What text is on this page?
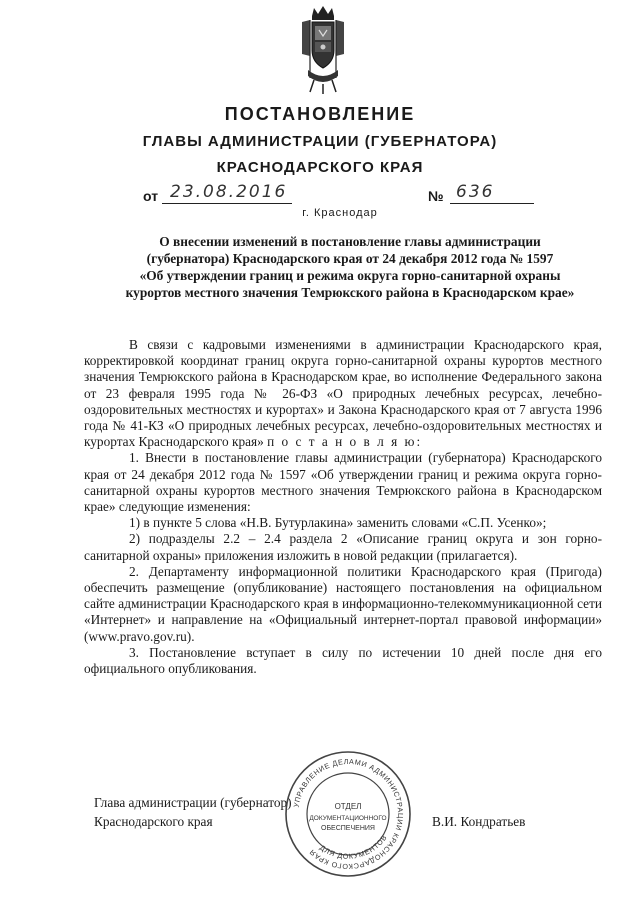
ПОСТАНОВЛЕНИЕ
ГЛАВЫ АДМИНИСТРАЦИИ (ГУБЕРНАТОРА)
КРАСНОДАРСКОГО КРАЯ
от 23.08.2016	№ 636
г. Краснодар
О внесении изменений в постановление главы администрации
(губернатора) Краснодарского края от 24 декабря 2012 года № 1597
«Об утверждении границ и режима округа горно-санитарной охраны
курортов местного значения Темрюкского района в Краснодарском крае»

В связи с кадровыми изменениями в администрации Краснодарского края, корректировкой координат границ округа горно-санитарной охраны курортов местного значения Темрюкского района в Краснодарском крае, во исполнение Федерального закона от 23 февраля 1995 года № 26-ФЗ «О природных лечебных ресурсах, лечебно-оздоровительных местностях и курортах» и Закона Краснодарского края от 7 августа 1996 года № 41-КЗ «О природных лечебных ресурсах, лечебно-оздоровительных местностях и курортах Краснодарского края» п о с т а н о в л я ю:

1. Внести в постановление главы администрации (губернатора) Краснодарского края от 24 декабря 2012 года № 1597 «Об утверждении границ и режима округа горно-санитарной охраны курортов местного значения Темрюкского района в Краснодарском крае» следующие изменения:

1) в пункте 5 слова «Н.В. Бутурлакина» заменить словами «С.П. Усенко»;

2) подразделы 2.2 – 2.4 раздела 2 «Описание границ округа и зон горно-санитарной охраны» приложения изложить в новой редакции (прилагается).

2. Департаменту информационной политики Краснодарского края (Пригода) обеспечить размещение (опубликование) настоящего постановления на официальном сайте администрации Краснодарского края в информационно-телекоммуникационной сети «Интернет» и направление на «Официальный интернет-портал правовой информации» (www.pravo.gov.ru).

3. Постановление вступает в силу по истечении 10 дней после дня его официального опубликования.

Глава администрации (губернатор)
Краснодарского края	В.И. Кондратьев
УПРАВЛЕНИЕ ДЕЛАМИ АДМИНИСТРАЦИИ КРАСНОДАРСКОГО КРАЯ ДЛЯ ДОКУМЕНТОВ
ОТДЕЛ
ДОКУМЕНТАЦИОННОГО
ОБЕСПЕЧЕНИЯ
